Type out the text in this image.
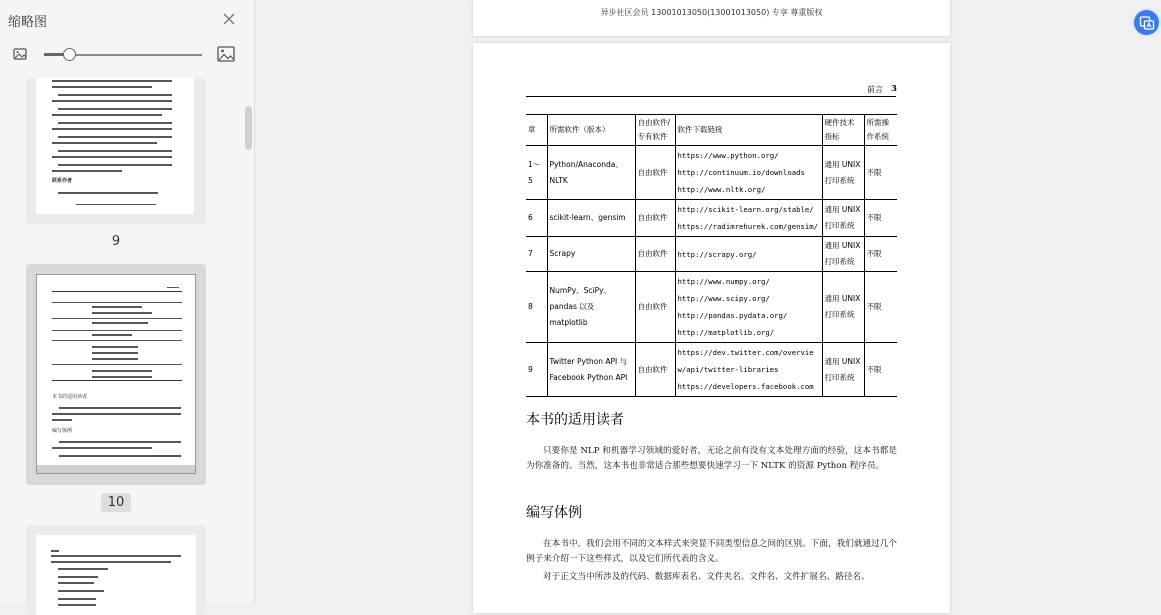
缩略图
联系作者
9
本书的适用读者
编写体例
10
异步社区会员 13001013050(13001013050) 专享 尊重版权
前言 3
章	所需软件（版本）	自由软件/专有软件	软件下载链接	硬件技术指标	所需操作系统
1～5	Python/Anaconda、NLTK	自由软件	https://www.python.org/
http://continuum.io/downloads
http://www.nltk.org/	通用 UNIX 打印系统	不限
6	scikit-learn、gensim	自由软件	http://scikit-learn.org/stable/
https://radimrehurek.com/gensim/	通用 UNIX 打印系统	不限
7	Scrapy	自由软件	http://scrapy.org/	通用 UNIX 打印系统	不限
8	NumPy、SciPy、pandas 以及 matplotlib	自由软件	http://www.numpy.org/
http://www.scipy.org/
http://pandas.pydata.org/
http://matplotlib.org/	通用 UNIX 打印系统	不限
9	Twitter Python API 与 Facebook Python API	自由软件	https://dev.twitter.com/overview/api/twitter-libraries
https://developers.facebook.com	通用 UNIX 打印系统	不限
本书的适用读者
只要你是 NLP 和机器学习领域的爱好者，无论之前有没有文本处理方面的经验，这本书都是为你准备的。当然，这本书也非常适合那些想要快速学习一下 NLTK 的资源 Python 程序员。
编写体例
在本书中，我们会用不同的文本样式来突显不同类型信息之间的区别。下面，我们就通过几个例子来介绍一下这些样式，以及它们所代表的含义。
对于正文当中所涉及的代码、数据库表名、文件夹名、文件名、文件扩展名、路径名、
